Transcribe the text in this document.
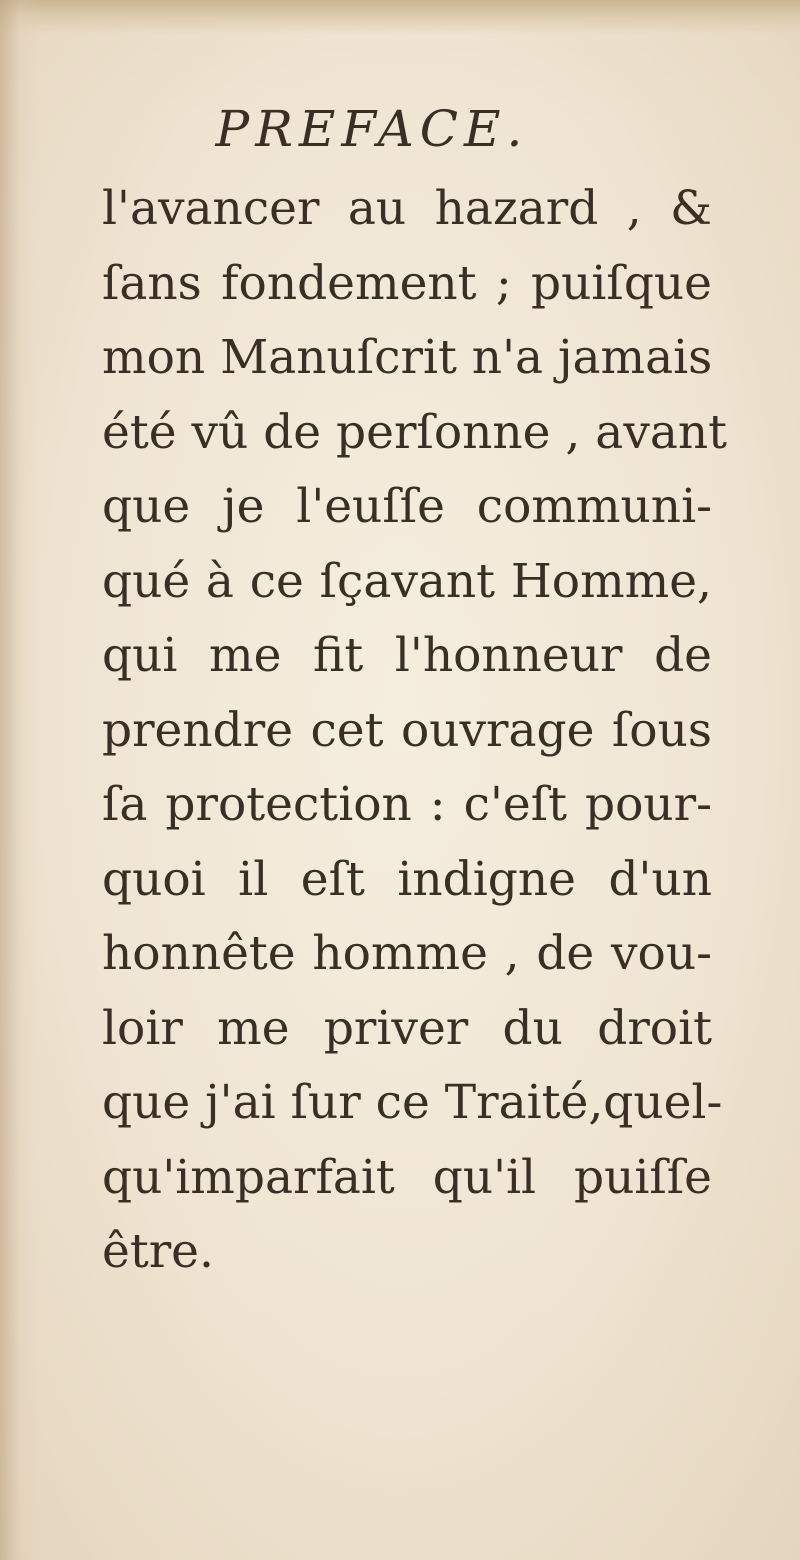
PREFACE.
l'avancer au hazard , &
ſans fondement ; puiſque
mon Manuſcrit n'a jamais
été vû de perſonne , avant
que je l'euſſe communi-
qué à ce ſçavant Homme,
qui me fit l'honneur de
prendre cet ouvrage ſous
ſa protection : c'eſt pour-
quoi il eſt indigne d'un
honnête homme , de vou-
loir me priver du droit
que j'ai ſur ce Traité,quel-
qu'imparfait qu'il puiſſe
être.
